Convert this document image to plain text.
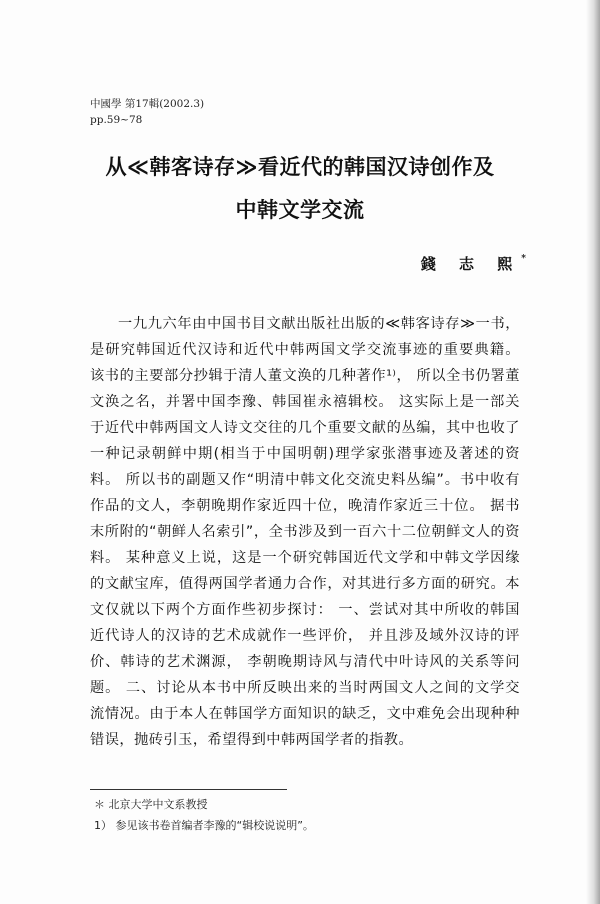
中國學 第17輯(2002.3)
pp.59~78
从≪韩客诗存≫看近代的韩国汉诗创作及
中韩文学交流
錢 志 熙*
一九九六年由中国书目文献出版社出版的≪韩客诗存≫一书，是研究韩国近代汉诗和近代中韩两国文学交流事迹的重要典籍。 该书的主要部分抄辑于清人董文涣的几种著作¹⁾， 所以全书仍署董文涣之名，并署中国李豫、韩国崔永禧辑校。 这实际上是一部关于近代中韩两国文人诗文交往的几个重要文献的丛编，其中也收了一种记录朝鲜中期(相当于中国明朝)理学家张潜事迹及著述的资料。 所以书的副题又作“明清中韩文化交流史料丛编”。书中收有作品的文人，李朝晚期作家近四十位，晚清作家近三十位。 据书末所附的“朝鲜人名索引”，全书涉及到一百六十二位朝鲜文人的资料。 某种意义上说，这是一个研究韩国近代文学和中韩文学因缘的文献宝库，值得两国学者通力合作，对其进行多方面的研究。本文仅就以下两个方面作些初步探讨： 一、尝试对其中所收的韩国近代诗人的汉诗的艺术成就作一些评价， 并且涉及域外汉诗的评价、韩诗的艺术渊源， 李朝晚期诗风与清代中叶诗风的关系等问题。 二、讨论从本书中所反映出来的当时两国文人之间的文学交流情况。由于本人在韩国学方面知识的缺乏，文中难免会出现种种错误，抛砖引玉，希望得到中韩两国学者的指教。
＊ 北京大学中文系教授
1） 参见该书卷首编者李豫的“辑校说说明”。
